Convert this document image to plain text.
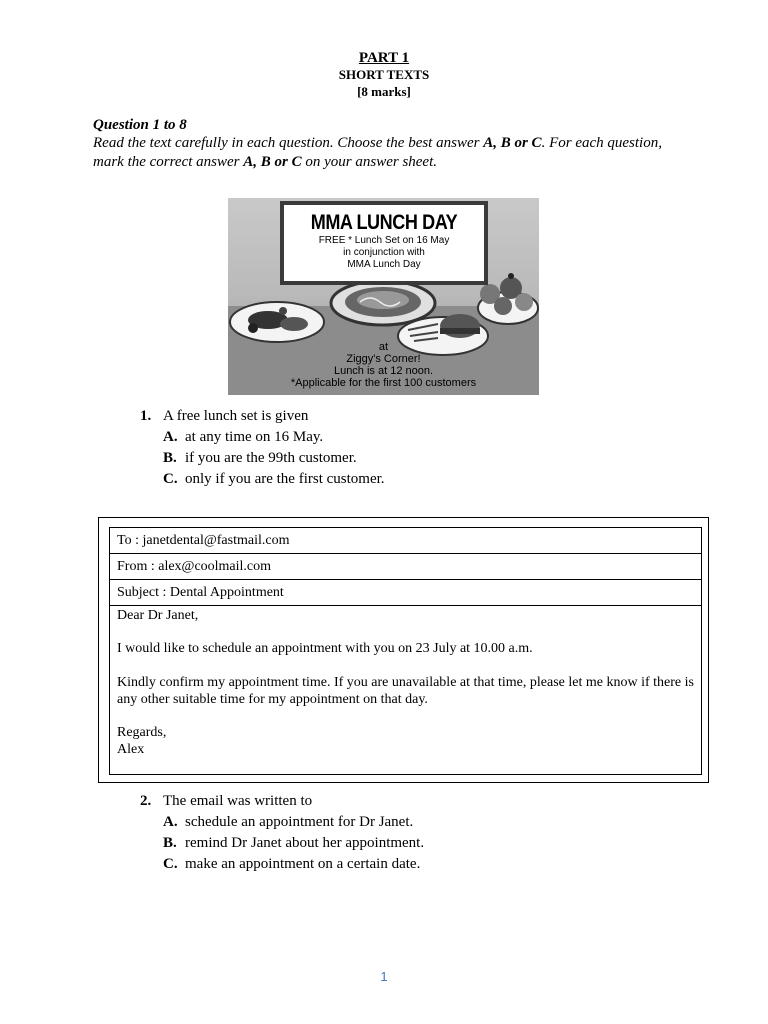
PART 1
SHORT TEXTS
[8 marks]
Question 1 to 8
Read the text carefully in each question. Choose the best answer A, B or C. For each question, mark the correct answer A, B or C on your answer sheet.
MMA LUNCH DAY
FREE * Lunch Set on 16 May
in conjunction with
MMA Lunch Day
at
Ziggy's Corner!
Lunch is at 12 noon.
*Applicable for the first 100 customers
1. A free lunch set is given
A. at any time on 16 May.
B. if you are the 99th customer.
C. only if you are the first customer.
To : janetdental@fastmail.com
From : alex@coolmail.com
Subject : Dental Appointment

Dear Dr Janet,

I would like to schedule an appointment with you on 23 July at 10.00 a.m.

Kindly confirm my appointment time. If you are unavailable at that time, please let me know if there is any other suitable time for my appointment on that day.

Regards,

Alex

2. The email was written to
A. schedule an appointment for Dr Janet.
B. remind Dr Janet about her appointment.
C. make an appointment on a certain date.
1
